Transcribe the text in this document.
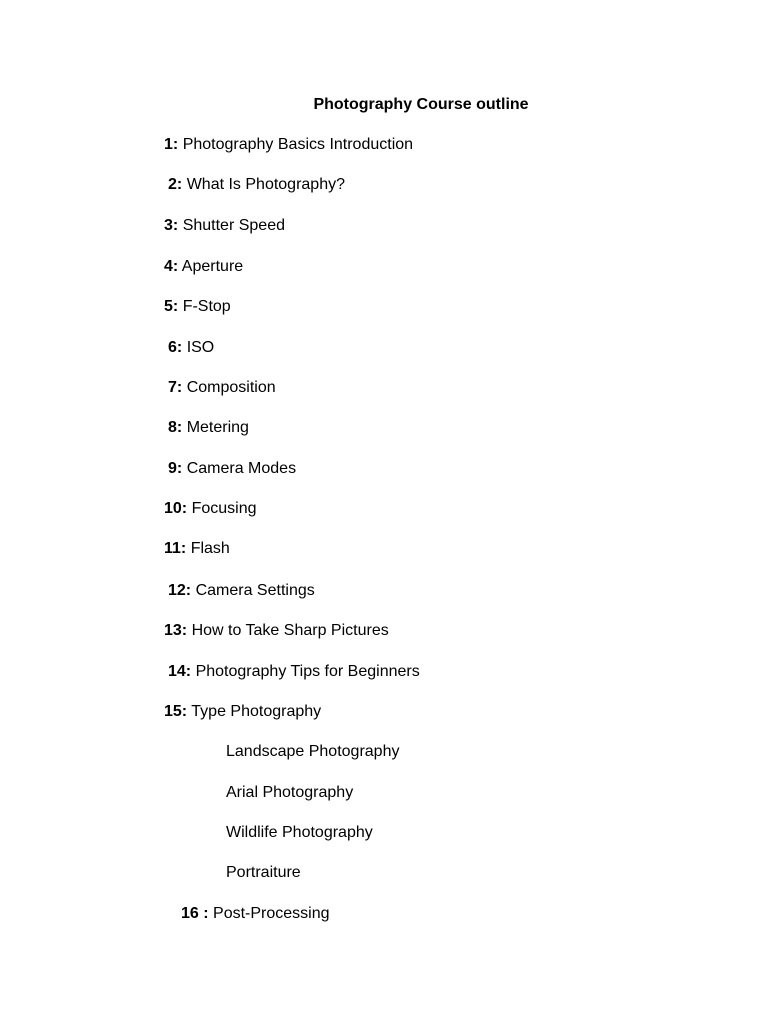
Photography Course outline
1: Photography Basics Introduction
2: What Is Photography?
3: Shutter Speed
4: Aperture
5: F-Stop
6: ISO
7: Composition
8: Metering
9: Camera Modes
10: Focusing
11: Flash
12: Camera Settings
13: How to Take Sharp Pictures
14: Photography Tips for Beginners
15: Type Photography
Landscape Photography
Arial Photography
Wildlife Photography
Portraiture
16 : Post-Processing
